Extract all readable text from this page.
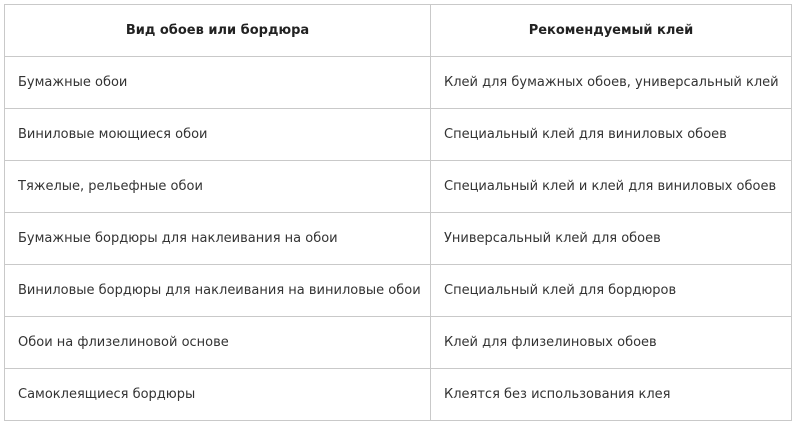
Вид обоев или бордюра	Рекомендуемый клей
Бумажные обои	Клей для бумажных обоев, универсальный клей
Виниловые моющиеся обои	Специальный клей для виниловых обоев
Тяжелые, рельефные обои	Специальный клей и клей для виниловых обоев
Бумажные бордюры для наклеивания на обои	Универсальный клей для обоев
Виниловые бордюры для наклеивания на виниловые обои	Специальный клей для бордюров
Обои на флизелиновой основе	Клей для флизелиновых обоев
Самоклеящиеся бордюры	Клеятся без использования клея
